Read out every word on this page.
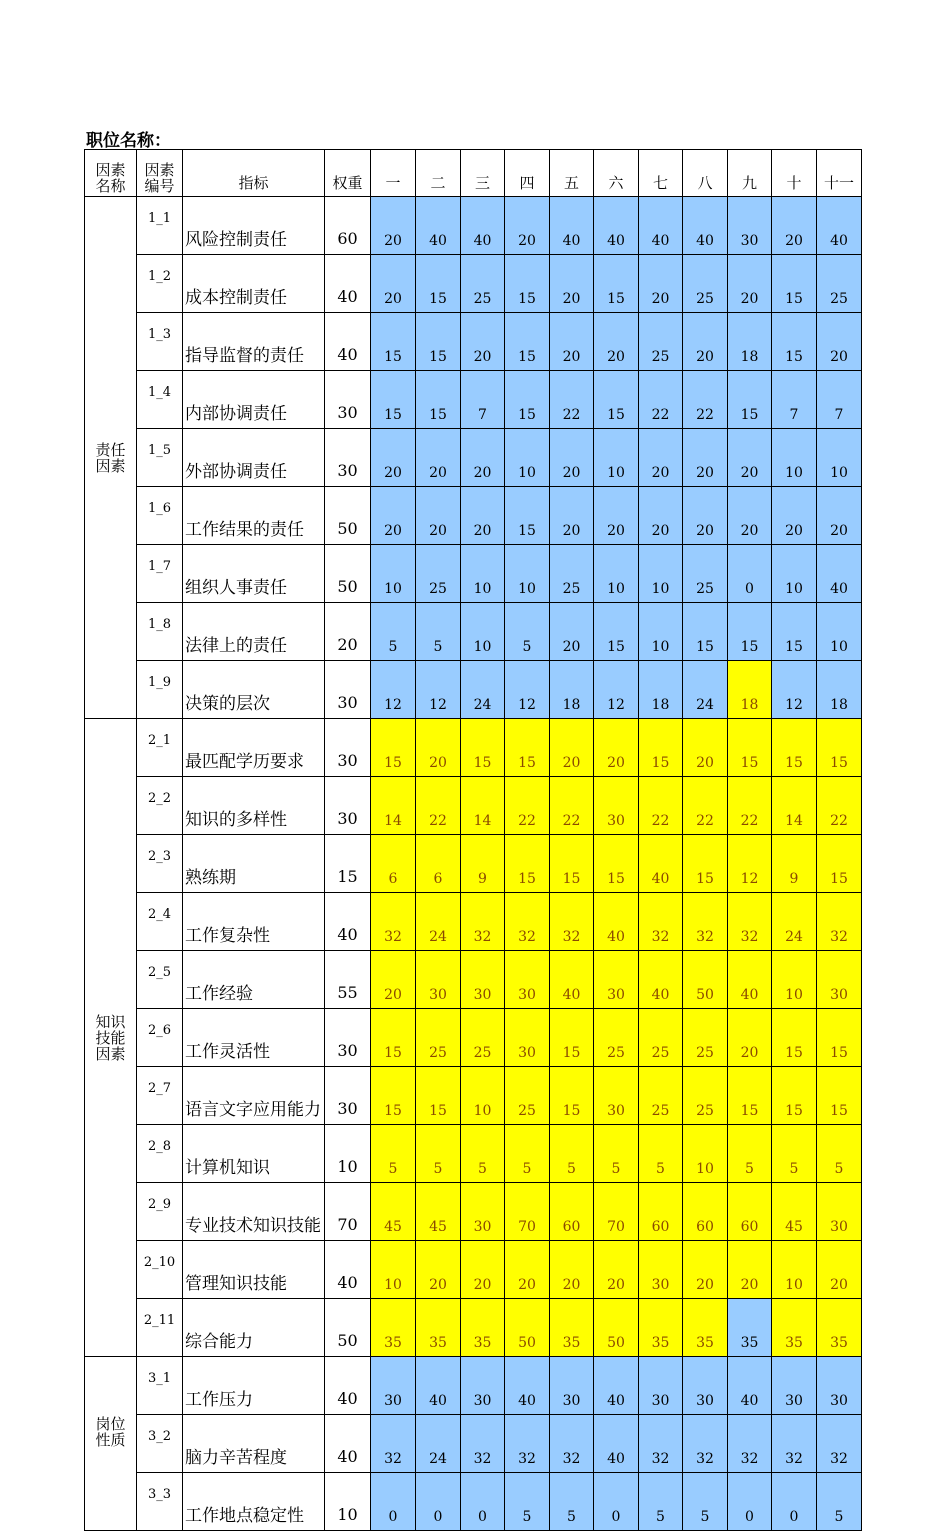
职位名称：
因素名称	因素编号	指标	权重	一	二	三	四	五	六	七	八	九	十	十一

责任因素	1_1	风险控制责任	60	20	40	40	20	40	40	40	40	30	20	40
	1_2	成本控制责任	40	20	15	25	15	20	15	20	25	20	15	25
	1_3	指导监督的责任	40	15	15	20	15	20	20	25	20	18	15	20
	1_4	内部协调责任	30	15	15	7	15	22	15	22	22	15	7	7
	1_5	外部协调责任	30	20	20	20	10	20	10	20	20	20	10	10
	1_6	工作结果的责任	50	20	20	20	15	20	20	20	20	20	20	20
	1_7	组织人事责任	50	10	25	10	10	25	10	10	25	0	10	40
	1_8	法律上的责任	20	5	5	10	5	20	15	10	15	15	15	10
	1_9	决策的层次	30	12	12	24	12	18	12	18	24	18	12	18

知识技能因素	2_1	最匹配学历要求	30	15	20	15	15	20	20	15	20	15	15	15
	2_2	知识的多样性	30	14	22	14	22	22	30	22	22	22	14	22
	2_3	熟练期	15	6	6	9	15	15	15	40	15	12	9	15
	2_4	工作复杂性	40	32	24	32	32	32	40	32	32	32	24	32
	2_5	工作经验	55	20	30	30	30	40	30	40	50	40	10	30
	2_6	工作灵活性	30	15	25	25	30	15	25	25	25	20	15	15
	2_7	语言文字应用能力	30	15	15	10	25	15	30	25	25	15	15	15
	2_8	计算机知识	10	5	5	5	5	5	5	5	10	5	5	5
	2_9	专业技术知识技能	70	45	45	30	70	60	70	60	60	60	45	30
	2_10	管理知识技能	40	10	20	20	20	20	20	30	20	20	10	20
	2_11	综合能力	50	35	35	35	50	35	50	35	35	35	35	35

岗位性质	3_1	工作压力	40	30	40	30	40	30	40	30	30	40	30	30
	3_2	脑力辛苦程度	40	32	24	32	32	32	40	32	32	32	32	32
	3_3	工作地点稳定性	10	0	0	0	5	5	0	5	5	0	0	5
